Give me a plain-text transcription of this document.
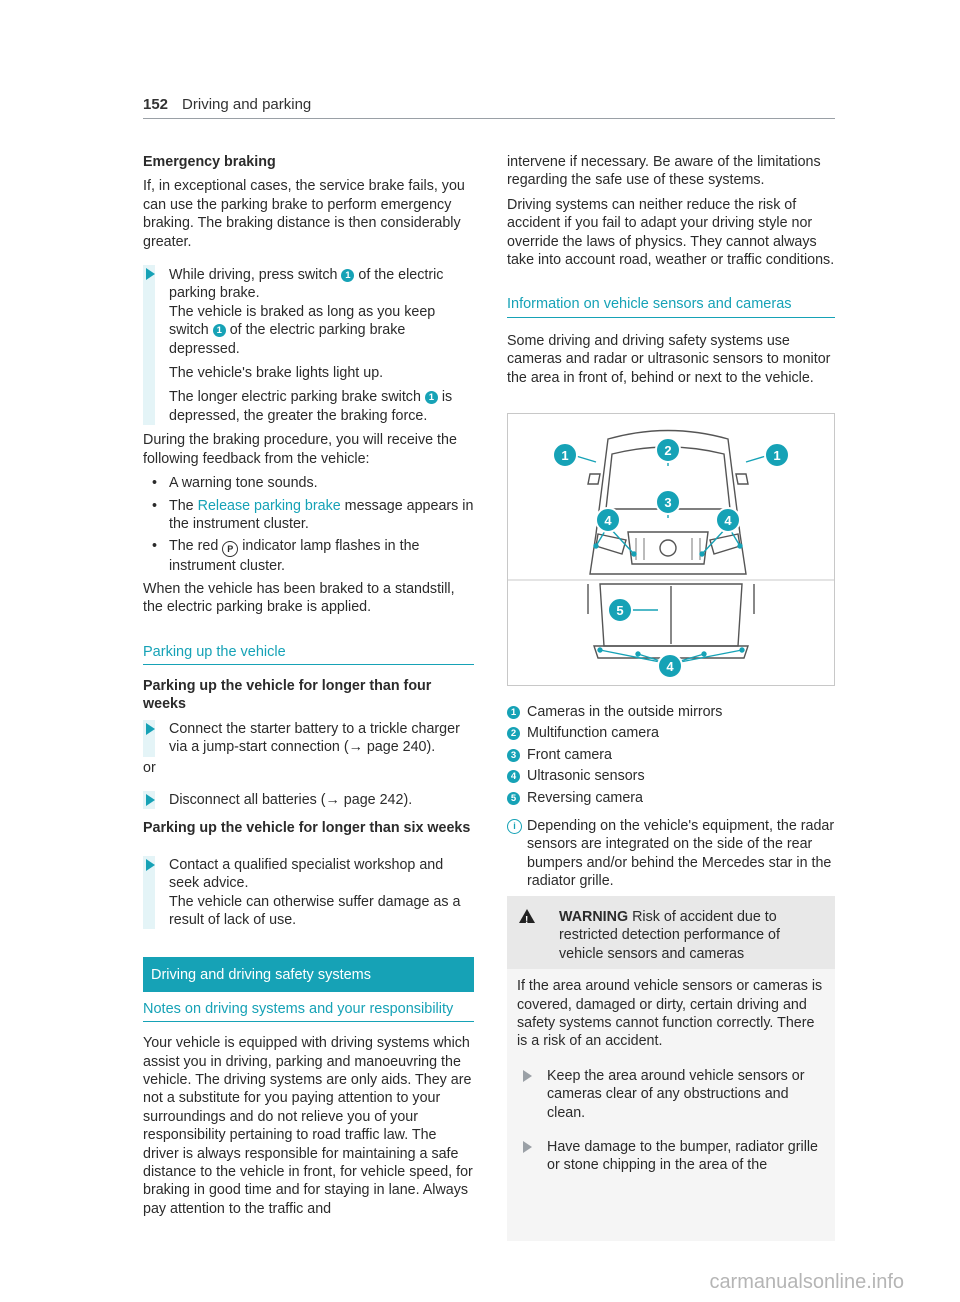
152 Driving and parking
Emergency braking

If, in exceptional cases, the service brake fails, you can use the parking brake to perform emergency braking. The braking distance is then considerably greater.

While driving, press switch 1 of the electric parking brake.
The vehicle is braked as long as you keep switch 1 of the electric parking brake depressed.

The vehicle's brake lights light up.

The longer electric parking brake switch 1 is depressed, the greater the braking force.

During the braking procedure, you will receive the following feedback from the vehicle:

• A warning tone sounds.
• The Release parking brake message appears in the instrument cluster.
• The red P indicator lamp flashes in the instrument cluster.

When the vehicle has been braked to a standstill, the electric parking brake is applied.

Parking up the vehicle
Parking up the vehicle for longer than four weeks
Connect the starter battery to a trickle charger via a jump-start connection (→ page 240).

or

Disconnect all batteries (→ page 242).
Parking up the vehicle for longer than six weeks
Contact a qualified specialist workshop and seek advice.
The vehicle can otherwise suffer damage as a result of lack of use.
Driving and driving safety systems
Notes on driving systems and your responsibility

Your vehicle is equipped with driving systems which assist you in driving, parking and manoeuvring the vehicle. The driving systems are only aids. They are not a substitute for you paying attention to your surroundings and do not relieve you of your responsibility pertaining to road traffic law. The driver is always responsible for maintaining a safe distance to the vehicle in front, for vehicle speed, for braking in good time and for staying in lane. Always pay attention to the traffic and

intervene if necessary. Be aware of the limitations regarding the safe use of these systems.

Driving systems can neither reduce the risk of accident if you fail to adapt your driving style nor override the laws of physics. They cannot always take into account road, weather or traffic conditions.

Information on vehicle sensors and cameras

Some driving and driving safety systems use cameras and radar or ultrasonic sensors to monitor the area in front of, behind or next to the vehicle.

1	1
2
3
4	4
5
4
1 Cameras in the outside mirrors
2 Multifunction camera
3 Front camera
4 Ultrasonic sensors
5 Reversing camera
i Depending on the vehicle's equipment, the radar sensors are integrated on the side of the rear bumpers and/or behind the Mercedes star in the radiator grille.
! WARNING Risk of accident due to restricted detection performance of vehicle sensors and cameras

If the area around vehicle sensors or cameras is covered, damaged or dirty, certain driving and safety systems cannot function correctly. There is a risk of an accident.

Keep the area around vehicle sensors or cameras clear of any obstructions and clean.
Have damage to the bumper, radiator grille or stone chipping in the area of the
carmanualsonline.info
